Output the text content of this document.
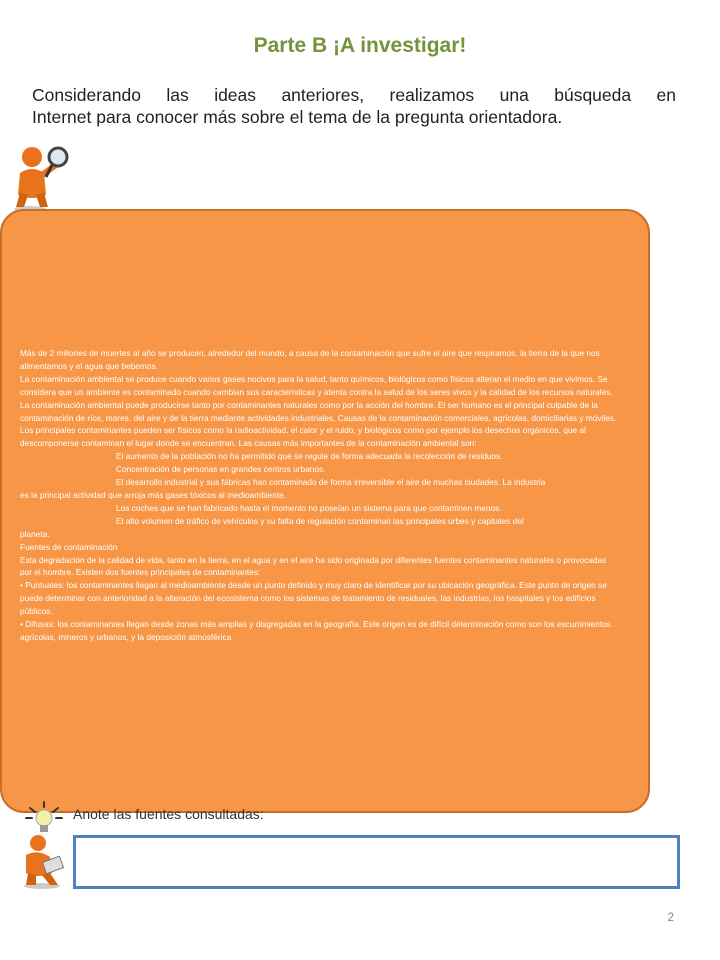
Parte B ¡A investigar!
Considerando las ideas anteriores, realizamos una búsqueda en
Internet para conocer más sobre el tema de la pregunta orientadora.

Más de 2 millones de muertes al año se producen, alrededor del mundo, a causa de la contaminación que sufre el aire que respiramos, la tierra de la que nos alimentamos y el agua que bebemos.

La contaminación ambiental se produce cuando varios gases nocivos para la salud, tanto químicos, biológicos como físicos alteran el medio en que vivimos. Se considera que un ambiente es contaminado cuando cambian sus características y atenta contra la salud de los seres vivos y la calidad de los recursos naturales.

La contaminación ambiental puede producirse tanto por contaminantes naturales como por la acción del hombre. El ser humano es el principal culpable de la contaminación de ríos, mares, del aire y de la tierra mediante actividades industriales, Causas de la contaminación comerciales, agrícolas, domiciliarias y móviles.

Los principales contaminantes pueden ser físicos como la radioactividad, el calor y el ruido, y biológicos como por ejemplo los desechos orgánicos, que al descomponerse contaminan el lugar donde se encuentran. Las causas más importantes de la contaminación ambiental son:

El aumento de la población no ha permitido que se regule de forma adecuada la recolección de residuos.

Concentración de personas en grandes centros urbanos.

El desarrollo industrial y sus fábricas han contaminado de forma irreversible el aire de muchas ciudades. La industria

es la principal actividad que arroja más gases tóxicos al medioambiente.

Los coches que se han fabricado hasta el momento no poseían un sistema para que contaminen menos.

El alto volumen de tráfico de vehículos y su falta de regulación contaminan las principales urbes y capitales del

planeta.

Fuentes de contaminación

Esta degradación de la calidad de vida, tanto en la tierra, en el agua y en el aire ha sido originada por diferentes fuentes contaminantes naturales o provocadas por el hombre. Existen dos fuentes principales de contaminantes:

• Puntuales: los contaminantes llegan al medioambiente desde un punto definido y muy claro de identificar por su ubicación geográfica. Este punto de origen se puede determinar con anterioridad a la alteración del ecosistema como los sistemas de tratamiento de residuales, las industrias, los hospitales y los edificios públicos.

• Difusas: los contaminantes llegan desde zonas más amplias y disgregadas en la geografía. Este origen es de difícil determinación como son los escurrimientos agrícolas, mineros y urbanos, y la deposición atmosférica

Anote las fuentes consultadas:
2
